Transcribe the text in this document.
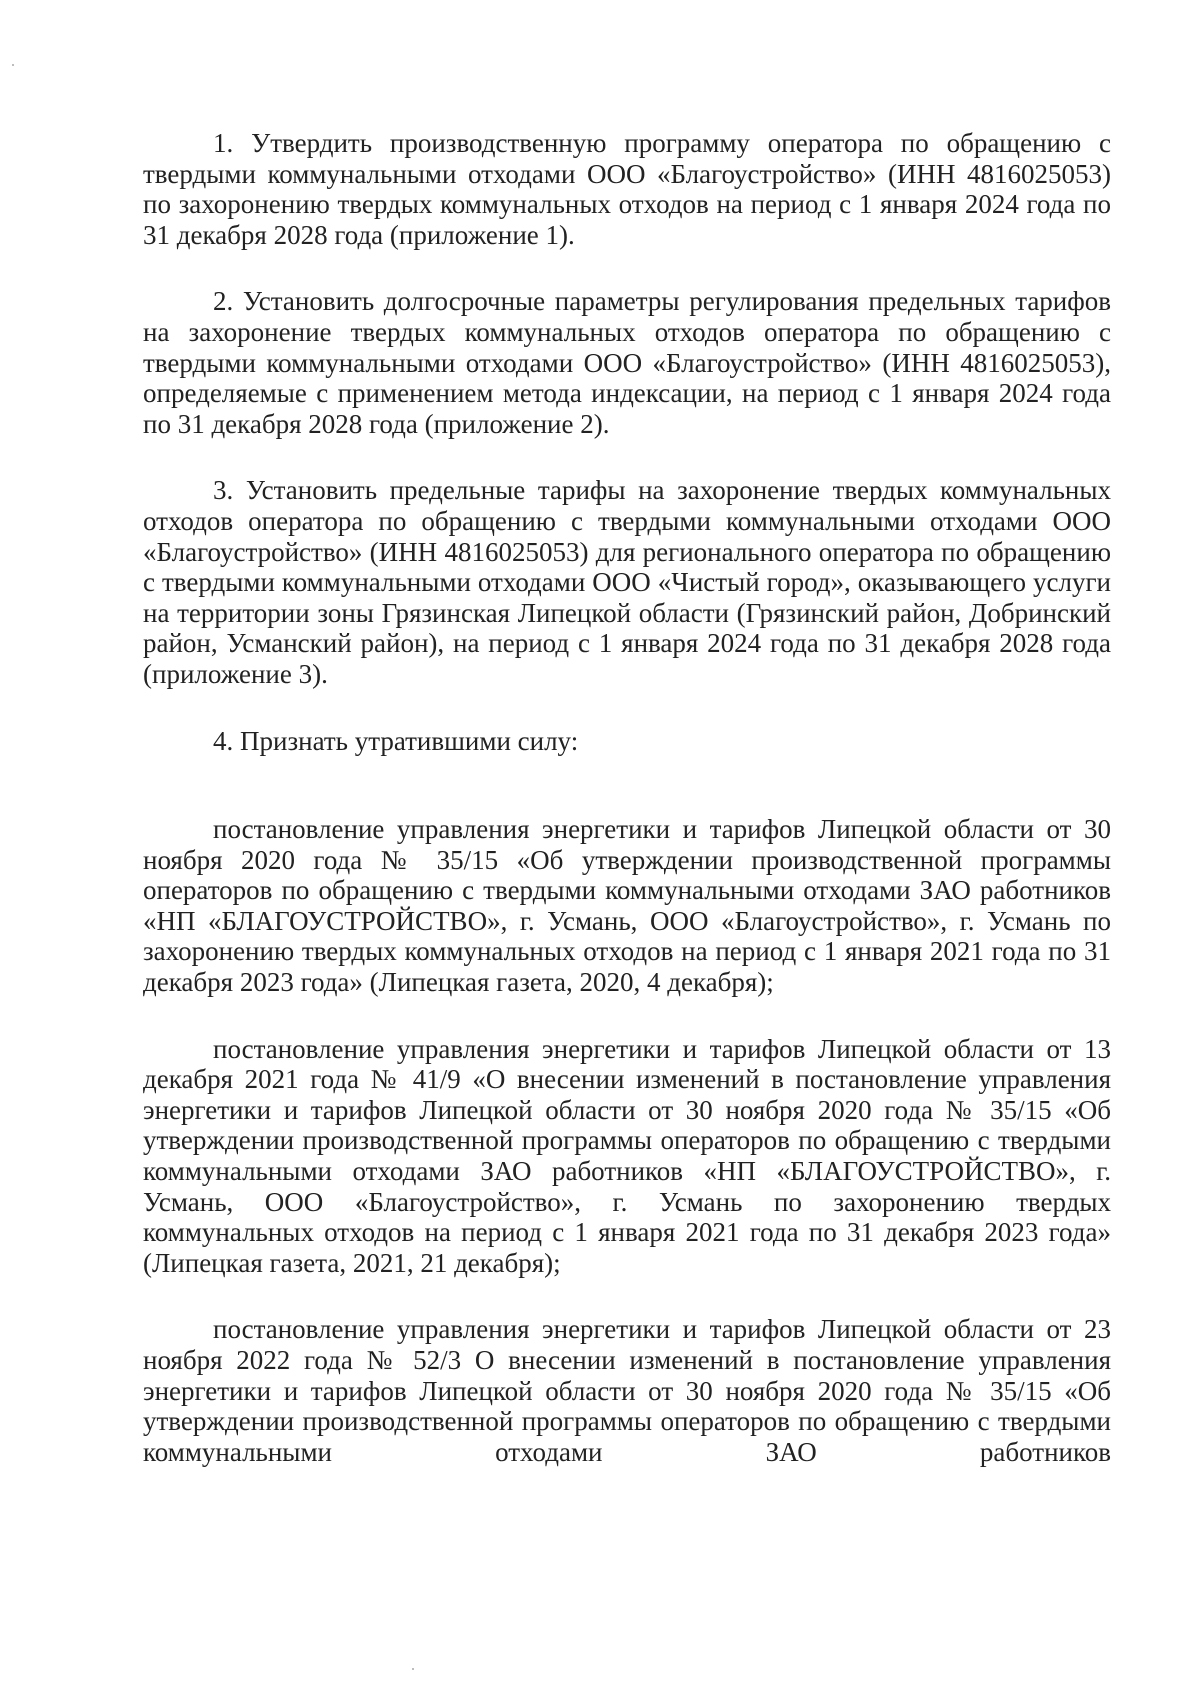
1. Утвердить производственную программу оператора по обращению с твердыми коммунальными отходами ООО «Благоустройство» (ИНН 4816025053) по захоронению твердых коммунальных отходов на период с 1 января 2024 года по 31 декабря 2028 года (приложение 1).

2. Установить долгосрочные параметры регулирования предельных тарифов на захоронение твердых коммунальных отходов оператора по обращению с твердыми коммунальными отходами ООО «Благоустройство» (ИНН 4816025053), определяемые с применением метода индексации, на период с 1 января 2024 года по 31 декабря 2028 года (приложение 2).

3. Установить предельные тарифы на захоронение твердых коммунальных отходов оператора по обращению с твердыми коммунальными отходами ООО «Благоустройство» (ИНН 4816025053) для регионального оператора по обращению с твердыми коммунальными отходами ООО «Чистый город», оказывающего услуги на территории зоны Грязинская Липецкой области (Грязинский район, Добринский район, Усманский район), на период с 1 января 2024 года по 31 декабря 2028 года (приложение 3).

4. Признать утратившими силу:

постановление управления энергетики и тарифов Липецкой области от 30 ноября 2020 года № 35/15 «Об утверждении производственной программы операторов по обращению с твердыми коммунальными отходами ЗАО работников «НП «БЛАГОУСТРОЙСТВО», г. Усмань, ООО «Благоустройство», г. Усмань по захоронению твердых коммунальных отходов на период с 1 января 2021 года по 31 декабря 2023 года» (Липецкая газета, 2020, 4 декабря);

постановление управления энергетики и тарифов Липецкой области от 13 декабря 2021 года № 41/9 «О внесении изменений в постановление управления энергетики и тарифов Липецкой области от 30 ноября 2020 года № 35/15 «Об утверждении производственной программы операторов по обращению с твердыми коммунальными отходами ЗАО работников «НП «БЛАГОУСТРОЙСТВО», г. Усмань, ООО «Благоустройство», г. Усмань по захоронению твердых коммунальных отходов на период с 1 января 2021 года по 31 декабря 2023 года» (Липецкая газета, 2021, 21 декабря);

постановление управления энергетики и тарифов Липецкой области от 23 ноября 2022 года № 52/3 О внесении изменений в постановление управления энергетики и тарифов Липецкой области от 30 ноября 2020 года № 35/15 «Об утверждении производственной программы операторов по обращению с твердыми коммунальными отходами ЗАО работников
